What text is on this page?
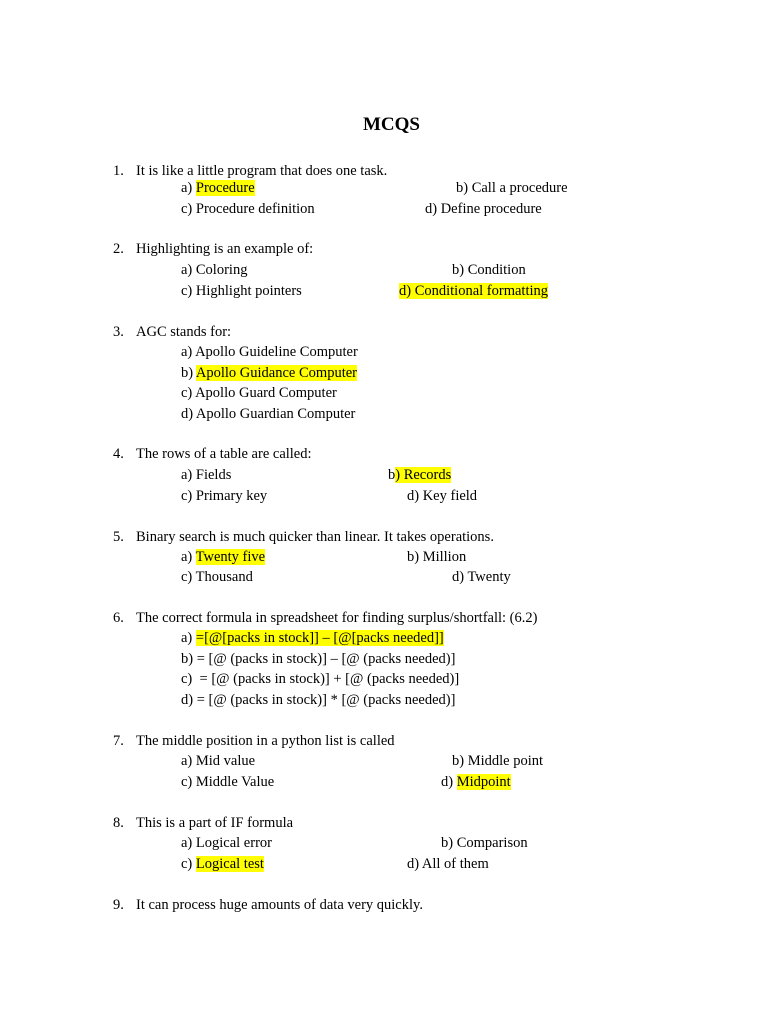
MCQS
1. It is like a little program that does one task.
a) Procedure	b) Call a procedure
c) Procedure definition	d) Define procedure
2. Highlighting is an example of:
a) Coloring	b) Condition
c) Highlight pointers	d) Conditional formatting
3. AGC stands for:
a) Apollo Guideline Computer
b) Apollo Guidance Computer
c) Apollo Guard Computer
d) Apollo Guardian Computer
4. The rows of a table are called:
a) Fields	b) Records
c) Primary key	d) Key field
5. Binary search is much quicker than linear. It takes operations.
a) Twenty five	b) Million
c) Thousand	d) Twenty
6. The correct formula in spreadsheet for finding surplus/shortfall: (6.2)
a) =[@[packs in stock]] – [@[packs needed]]
b) = [@ (packs in stock)] – [@ (packs needed)]
c)  = [@ (packs in stock)] + [@ (packs needed)]
d) = [@ (packs in stock)] * [@ (packs needed)]
7. The middle position in a python list is called
a) Mid value	b) Middle point
c) Middle Value	d) Midpoint
8. This is a part of IF formula
a) Logical error	b) Comparison
c) Logical test	d) All of them
9. It can process huge amounts of data very quickly.
